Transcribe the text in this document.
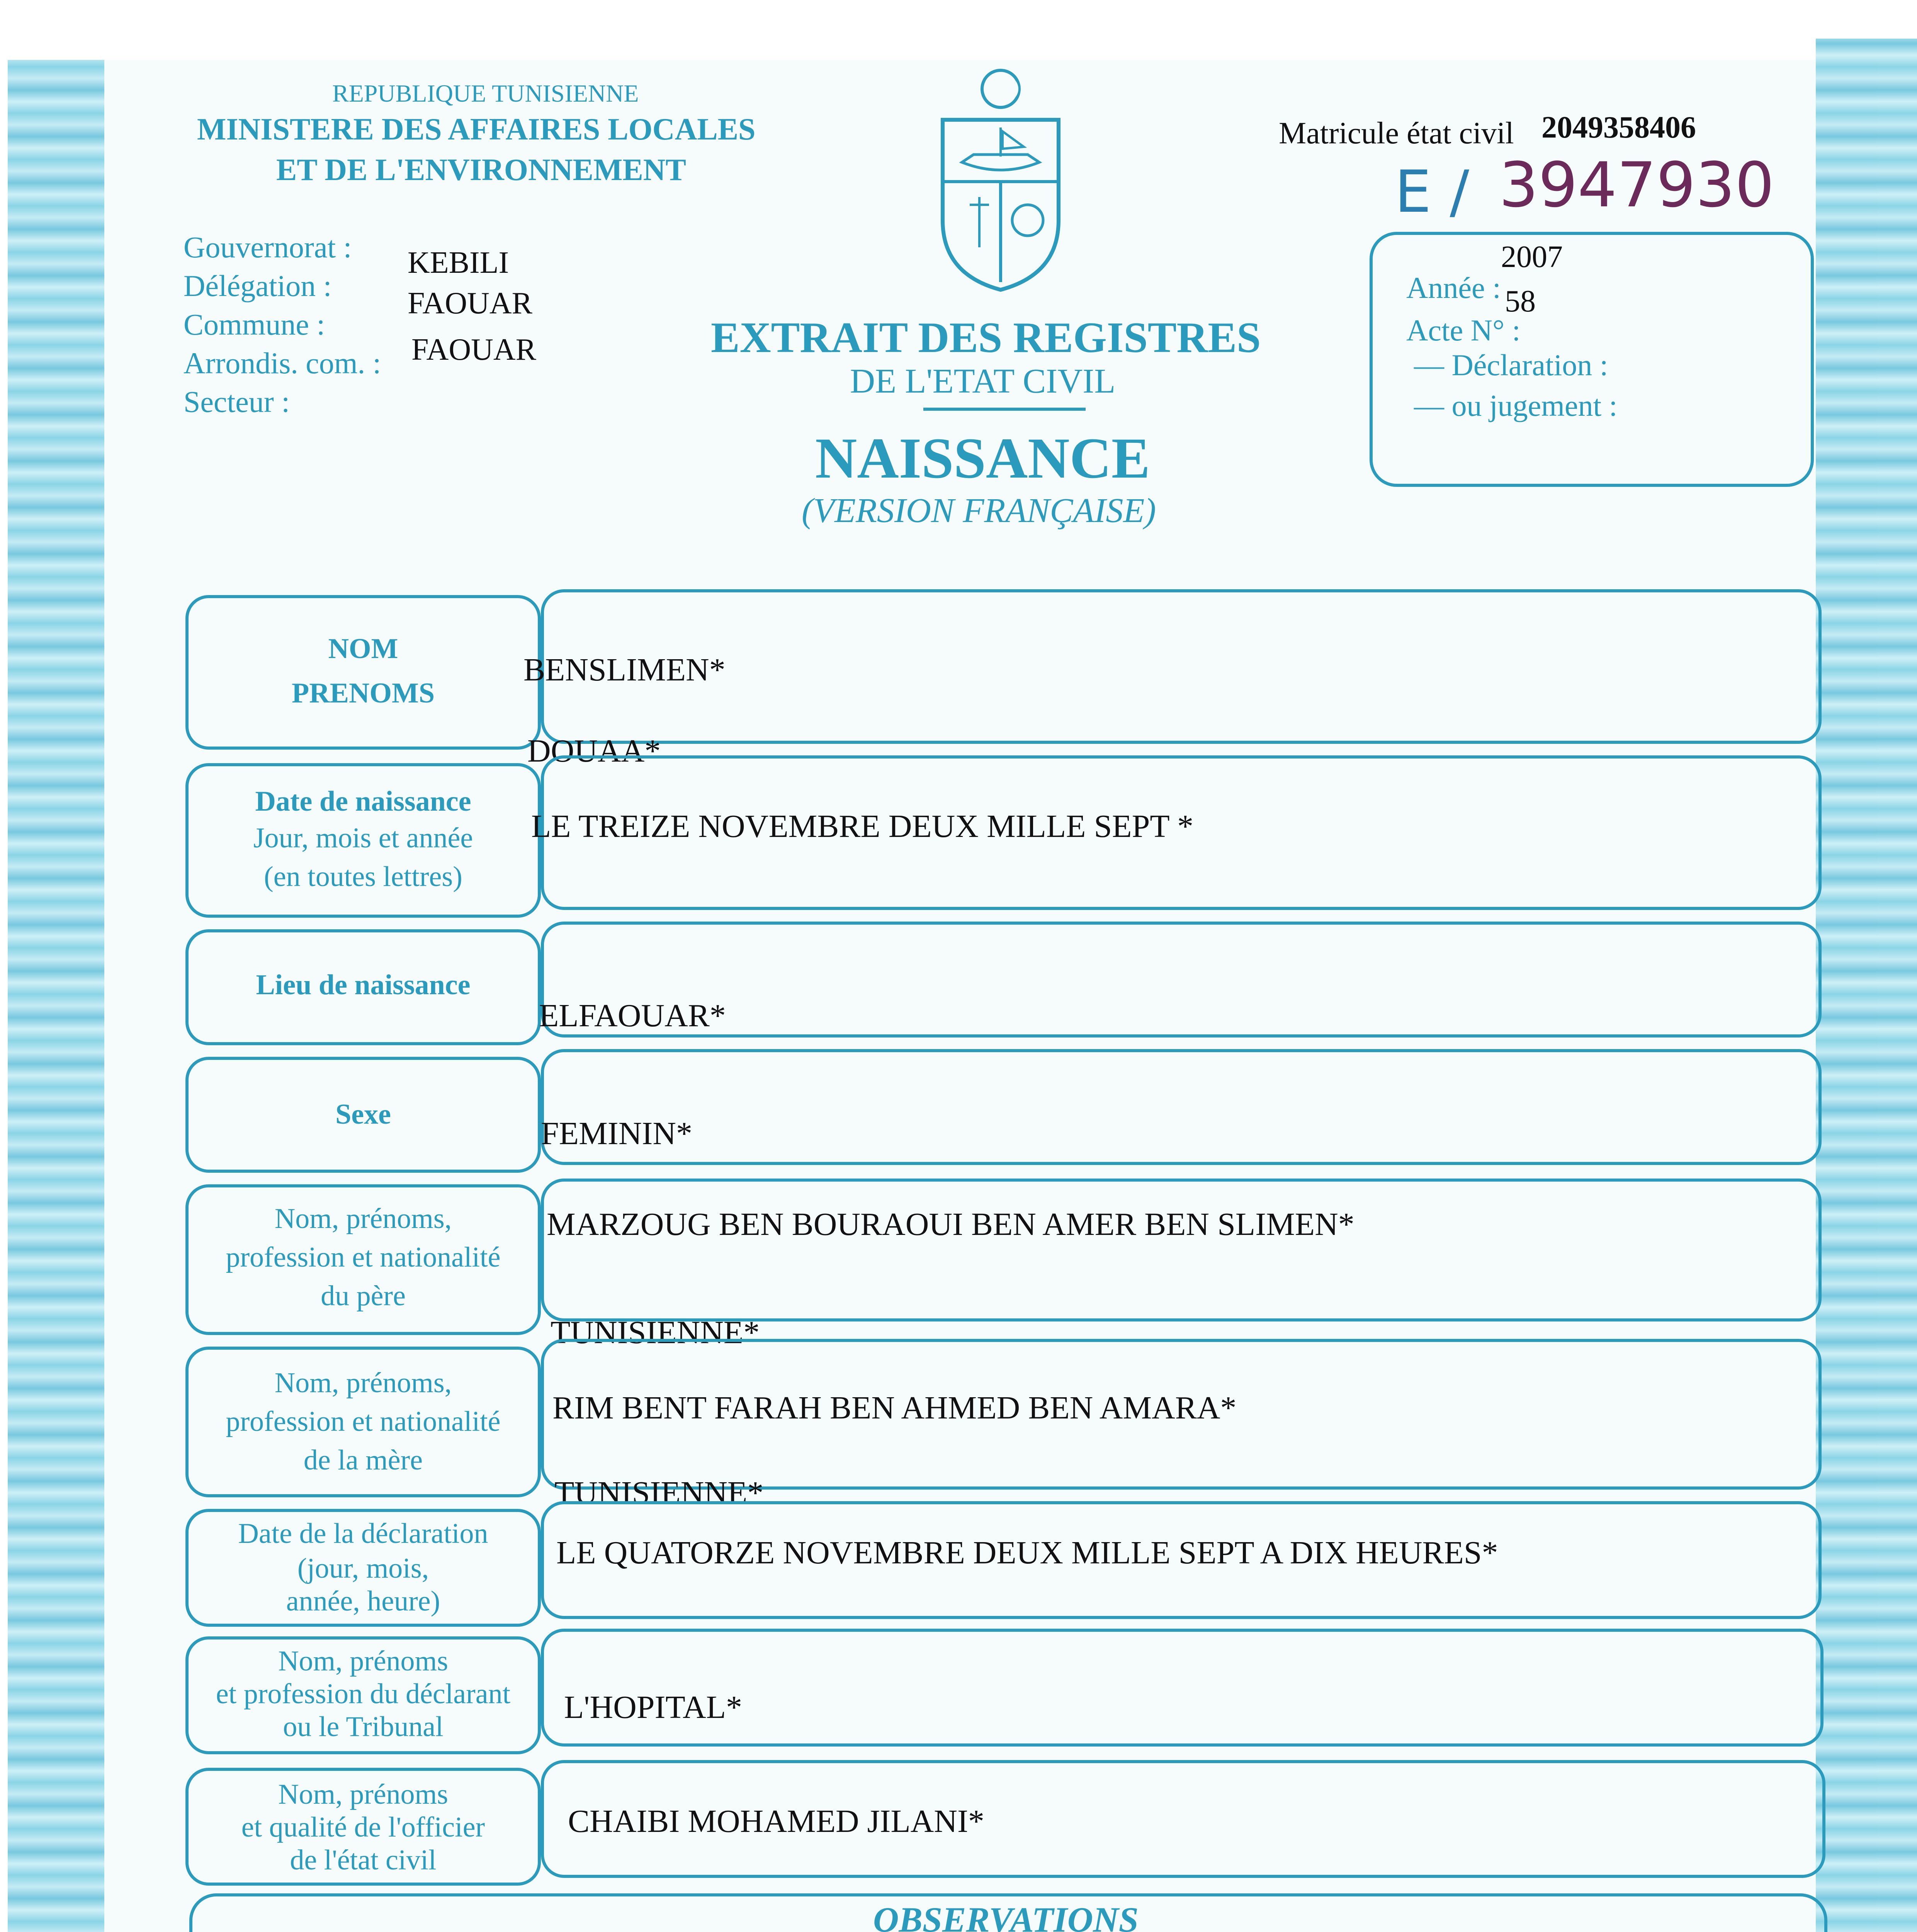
REPUBLIQUE TUNISIENNE
MINISTERE DES AFFAIRES LOCALES
ET DE L'ENVIRONNEMENT
Matricule état civil 2049358406
E / 3947930
Gouvernorat :
Délégation :
Commune :
Arrondis. com. :
Secteur :
KEBILI
FAOUAR
FAOUAR	EXTRAIT DES REGISTRES
DE L'ETAT CIVIL
NAISSANCE
(VERSION FRANÇAISE)
Année :
2007
Acte N° :
58
— Déclaration :
— ou jugement :
NOM
PRENOMS
BENSLIMEN*
DOUAA*
Date de naissance
Jour, mois et année
(en toutes lettres)
LE TREIZE NOVEMBRE DEUX MILLE SEPT *
Lieu de naissance
ELFAOUAR*
Sexe
FEMININ*
Nom, prénoms,
profession et nationalité
du père
MARZOUG BEN BOURAOUI BEN AMER BEN SLIMEN*
TUNISIENNE*
Nom, prénoms,
profession et nationalité
de la mère
RIM BENT FARAH BEN AHMED BEN AMARA*
TUNISIENNE*
Date de la déclaration
(jour, mois,
année, heure)
LE QUATORZE NOVEMBRE DEUX MILLE SEPT A DIX HEURES*
Nom, prénoms
et profession du déclarant
ou le Tribunal
L'HOPITAL*
Nom, prénoms
et qualité de l'officier
de l'état civil
CHAIBI MOHAMED JILANI*
OBSERVATIONS
